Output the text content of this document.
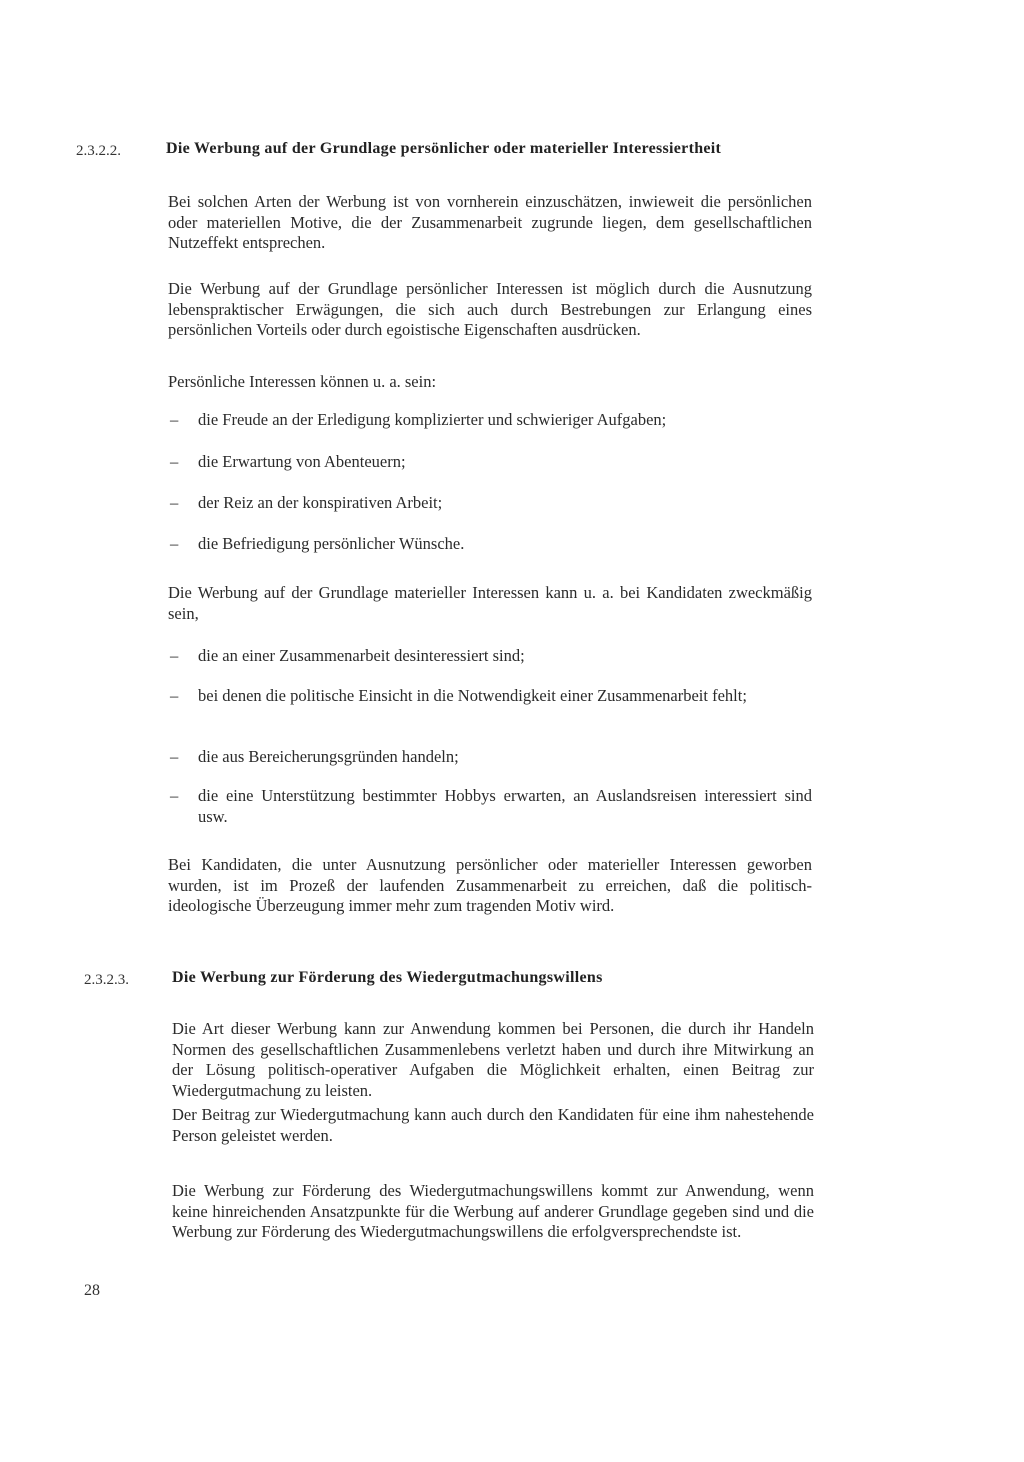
2.3.2.2.	Die Werbung auf der Grundlage persönlicher oder materieller Interessiertheit
Bei solchen Arten der Werbung ist von vornherein einzuschätzen, inwieweit die persönlichen oder materiellen Motive, die der Zusammenarbeit zugrunde liegen, dem gesellschaftlichen Nutzeffekt entsprechen.
Die Werbung auf der Grundlage persönlicher Interessen ist möglich durch die Ausnutzung lebenspraktischer Erwägungen, die sich auch durch Bestrebungen zur Erlangung eines persönlichen Vorteils oder durch egoistische Eigenschaften ausdrücken.
Persönliche Interessen können u. a. sein:
– die Freude an der Erledigung komplizierter und schwieriger Aufgaben;
– die Erwartung von Abenteuern;
– der Reiz an der konspirativen Arbeit;
– die Befriedigung persönlicher Wünsche.
Die Werbung auf der Grundlage materieller Interessen kann u. a. bei Kandidaten zweckmäßig sein,
– die an einer Zusammenarbeit desinteressiert sind;
– bei denen die politische Einsicht in die Notwendigkeit einer Zusammenarbeit fehlt;
– die aus Bereicherungsgründen handeln;
– die eine Unterstützung bestimmter Hobbys erwarten, an Auslandsreisen interessiert sind usw.
Bei Kandidaten, die unter Ausnutzung persönlicher oder materieller Interessen geworben wurden, ist im Prozeß der laufenden Zusammenarbeit zu erreichen, daß die politisch-ideologische Überzeugung immer mehr zum tragenden Motiv wird.
2.3.2.3.	Die Werbung zur Förderung des Wiedergutmachungswillens
Die Art dieser Werbung kann zur Anwendung kommen bei Personen, die durch ihr Handeln Normen des gesellschaftlichen Zusammenlebens verletzt haben und durch ihre Mitwirkung an der Lösung politisch-operativer Aufgaben die Möglichkeit erhalten, einen Beitrag zur Wiedergutmachung zu leisten.
Der Beitrag zur Wiedergutmachung kann auch durch den Kandidaten für eine ihm nahestehende Person geleistet werden.
Die Werbung zur Förderung des Wiedergutmachungswillens kommt zur Anwendung, wenn keine hinreichenden Ansatzpunkte für die Werbung auf anderer Grundlage gegeben sind und die Werbung zur Förderung des Wiedergutmachungswillens die erfolgversprechendste ist.
28
